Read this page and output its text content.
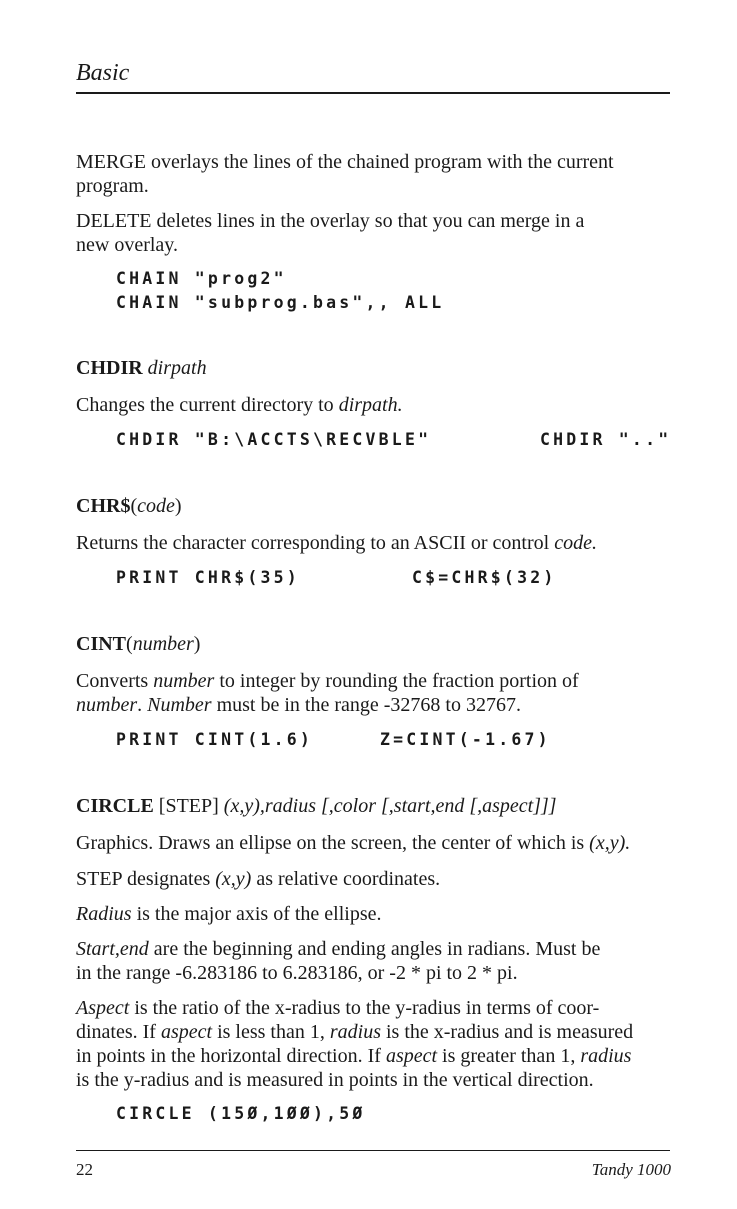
Basic

MERGE overlays the lines of the chained program with the current
program.

DELETE deletes lines in the overlay so that you can merge in a
new overlay.

CHAIN "prog2"
CHAIN "subprog.bas",, ALL
CHDIR dirpath

Changes the current directory to dirpath.

CHDIR "B:\ACCTS\RECVBLE"	CHDIR ".."
CHR$(code)

Returns the character corresponding to an ASCII or control code.

PRINT CHR$(35)	C$=CHR$(32)
CINT(number)

Converts number to integer by rounding the fraction portion of
number. Number must be in the range -32768 to 32767.

PRINT CINT(1.6)	Z=CINT(-1.67)
CIRCLE [STEP] (x,y),radius [,color [,start,end [,aspect]]]

Graphics. Draws an ellipse on the screen, the center of which is (x,y).

STEP designates (x,y) as relative coordinates.

Radius is the major axis of the ellipse.

Start,end are the beginning and ending angles in radians. Must be
in the range -6.283186 to 6.283186, or -2 * pi to 2 * pi.

Aspect is the ratio of the x-radius to the y-radius in terms of coor-
dinates. If aspect is less than 1, radius is the x-radius and is measured
in points in the horizontal direction. If aspect is greater than 1, radius
is the y-radius and is measured in points in the vertical direction.

CIRCLE (15Ø,1ØØ),5Ø
22	Tandy 1000
